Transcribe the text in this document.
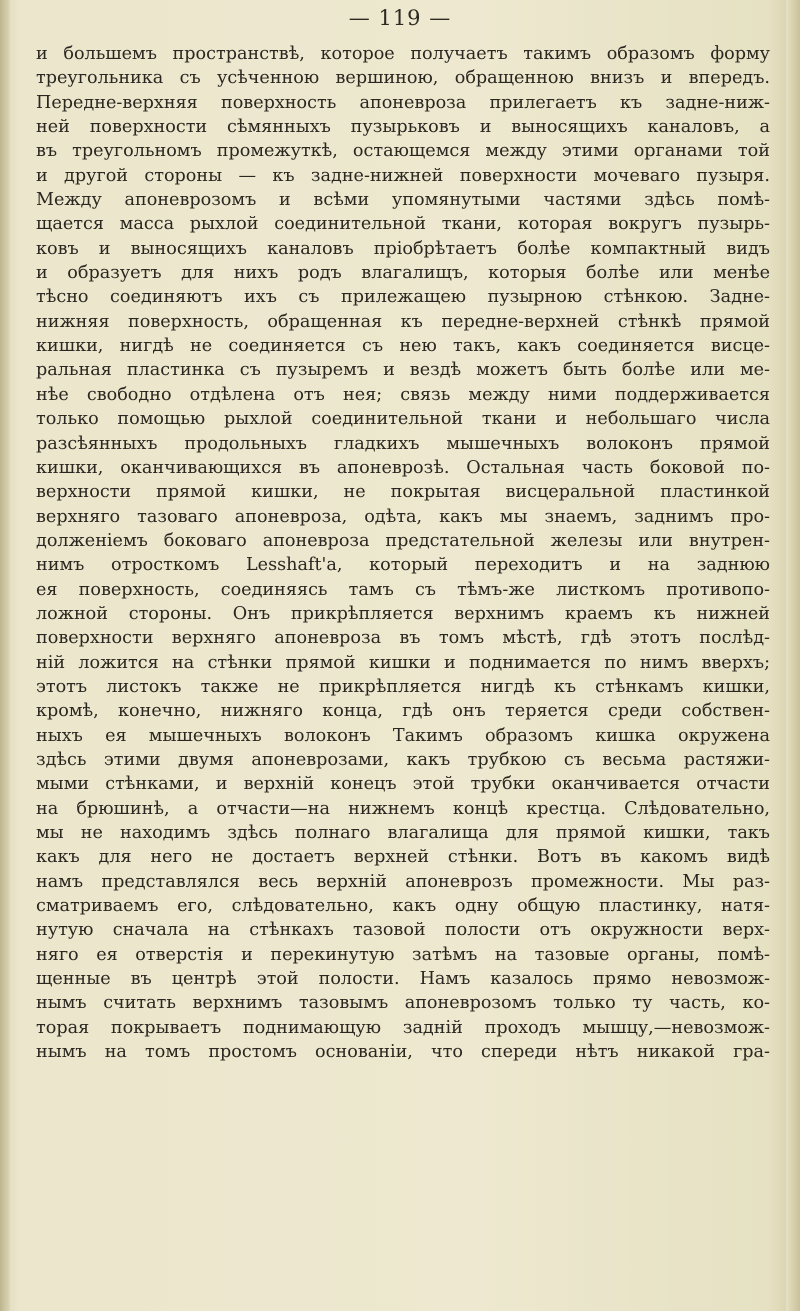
— 119 —
и большемъ пространствѣ, которое получаетъ такимъ образомъ форму
треугольника съ усѣченною вершиною, обращенною внизъ и впередъ.
Передне-верхняя поверхность апоневроза прилегаетъ къ задне-ниж-
ней поверхности сѣмянныхъ пузырьковъ и выносящихъ каналовъ, а
въ треугольномъ промежуткѣ, остающемся между этими органами той
и другой стороны — къ задне-нижней поверхности мочеваго пузыря.
Между апоневрозомъ и всѣми упомянутыми частями здѣсь помѣ-
щается масса рыхлой соединительной ткани, которая вокругъ пузырь-
ковъ и выносящихъ каналовъ пріобрѣтаетъ болѣе компактный видъ
и образуетъ для нихъ родъ влагалищъ, которыя болѣе или менѣе
тѣсно соединяютъ ихъ съ прилежащею пузырною стѣнкою. Задне-
нижняя поверхность, обращенная къ передне-верхней стѣнкѣ прямой
кишки, нигдѣ не соединяется съ нею такъ, какъ соединяется висце-
ральная пластинка съ пузыремъ и вездѣ можетъ быть болѣе или ме-
нѣе свободно отдѣлена отъ нея; связь между ними поддерживается
только помощью рыхлой соединительной ткани и небольшаго числа
разсѣянныхъ продольныхъ гладкихъ мышечныхъ волоконъ прямой
кишки, оканчивающихся въ апоневрозѣ. Остальная часть боковой по-
верхности прямой кишки, не покрытая висцеральной пластинкой
верхняго тазоваго апоневроза, одѣта, какъ мы знаемъ, заднимъ про-
долженіемъ боковаго апоневроза предстательной железы или внутрен-
нимъ отросткомъ Lesshaft'а, который переходитъ и на заднюю
ея поверхность, соединяясь тамъ съ тѣмъ-же листкомъ противопо-
ложной стороны. Онъ прикрѣпляется верхнимъ краемъ къ нижней
поверхности верхняго апоневроза въ томъ мѣстѣ, гдѣ этотъ послѣд-
ній ложится на стѣнки прямой кишки и поднимается по нимъ вверхъ;
этотъ листокъ также не прикрѣпляется нигдѣ къ стѣнкамъ кишки,
кромѣ, конечно, нижняго конца, гдѣ онъ теряется среди собствен-
ныхъ ея мышечныхъ волоконъ Такимъ образомъ кишка окружена
здѣсь этими двумя апоневрозами, какъ трубкою съ весьма растяжи-
мыми стѣнками, и верхній конецъ этой трубки оканчивается отчасти
на брюшинѣ, а отчасти—на нижнемъ концѣ крестца. Слѣдовательно,
мы не находимъ здѣсь полнаго влагалища для прямой кишки, такъ
какъ для него не достаетъ верхней стѣнки. Вотъ въ какомъ видѣ
намъ представлялся весь верхній апоневрозъ промежности. Мы раз-
сматриваемъ его, слѣдовательно, какъ одну общую пластинку, натя-
нутую сначала на стѣнкахъ тазовой полости отъ окружности верх-
няго ея отверстія и перекинутую затѣмъ на тазовые органы, помѣ-
щенные въ центрѣ этой полости. Намъ казалось прямо невозмож-
нымъ считать верхнимъ тазовымъ апоневрозомъ только ту часть, ко-
торая покрываетъ поднимающую задній проходъ мышцу,—невозмож-
нымъ на томъ простомъ основаніи, что спереди нѣтъ никакой гра-
